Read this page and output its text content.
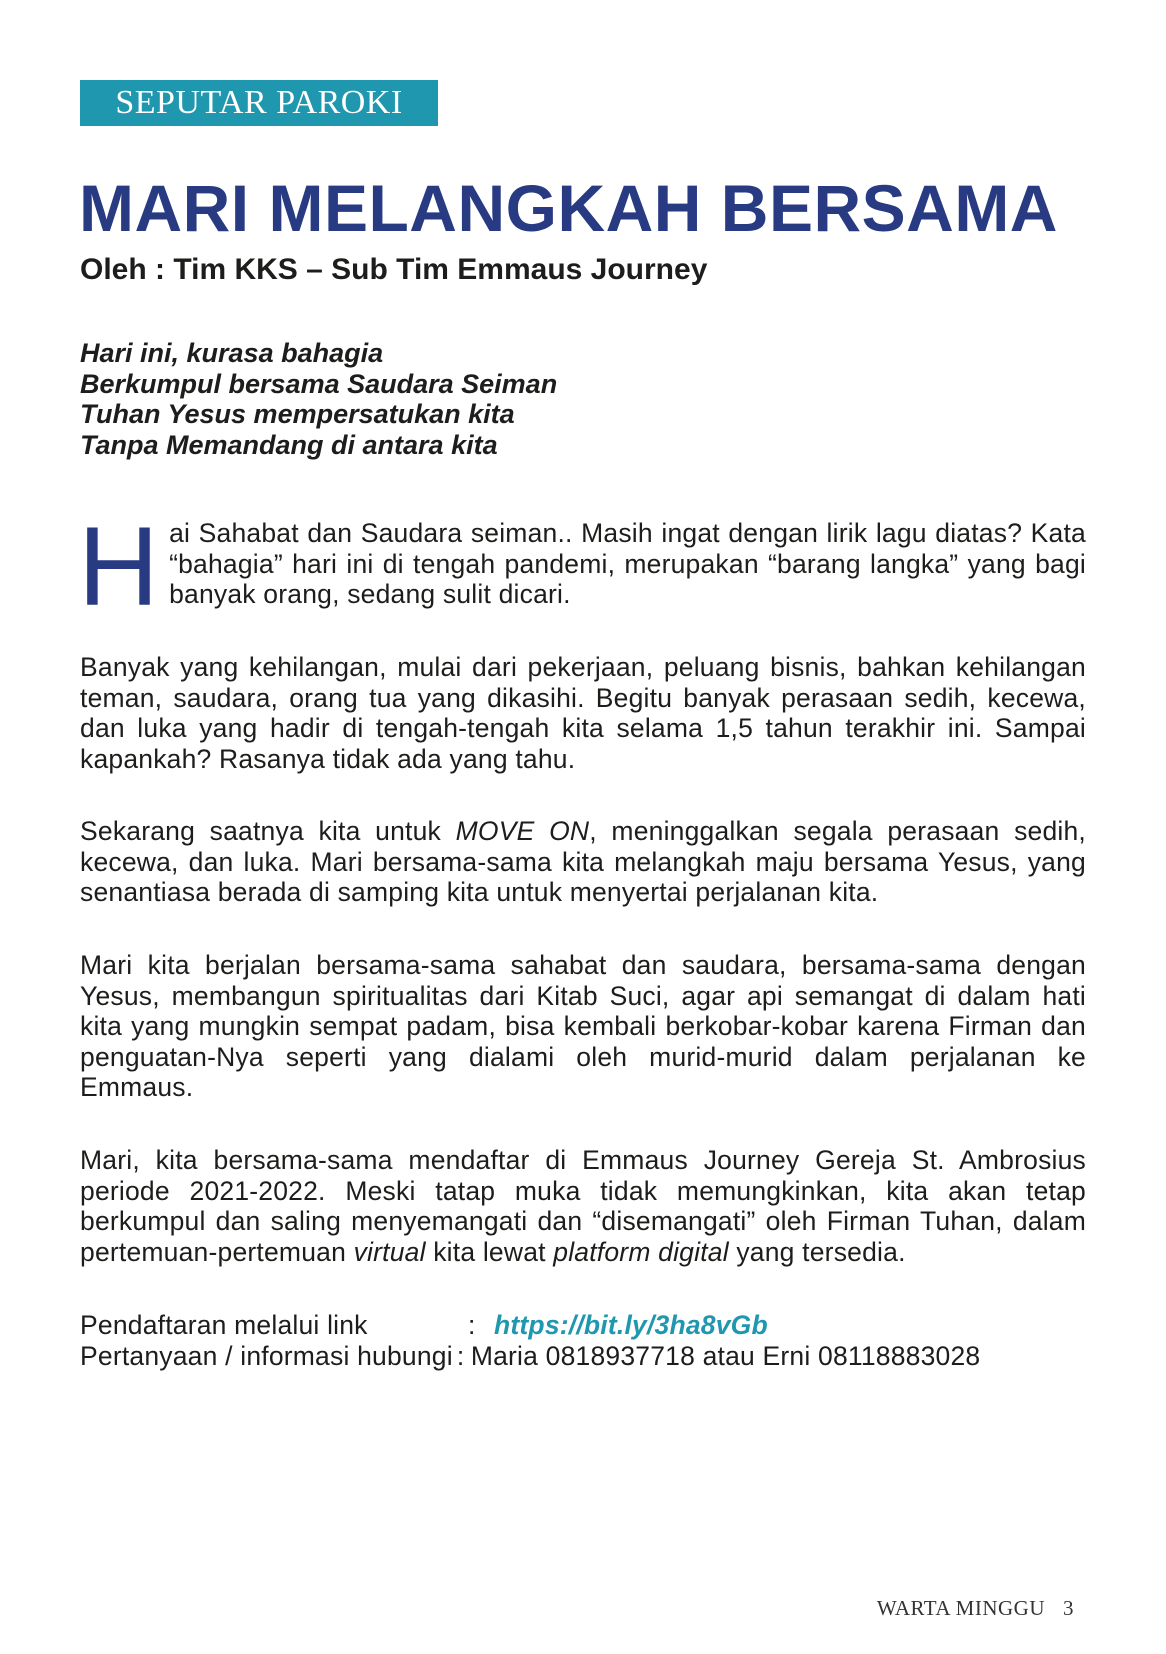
SEPUTAR PAROKI
MARI MELANGKAH BERSAMA
Oleh : Tim KKS – Sub Tim Emmaus Journey
Hari ini, kurasa bahagia
Berkumpul bersama Saudara Seiman
Tuhan Yesus mempersatukan kita
Tanpa Memandang di antara kita
H ai Sahabat dan Saudara seiman.. Masih ingat dengan lirik lagu diatas? Kata “bahagia” hari ini di tengah pandemi, merupakan “barang langka” yang bagi banyak orang, sedang sulit dicari.

Banyak yang kehilangan, mulai dari pekerjaan, peluang bisnis, bahkan kehilangan teman, saudara, orang tua yang dikasihi. Begitu banyak perasaan sedih, kecewa, dan luka yang hadir di tengah-tengah kita selama 1,5 tahun terakhir ini. Sampai kapankah? Rasanya tidak ada yang tahu.

Sekarang saatnya kita untuk MOVE ON, meninggalkan segala perasaan sedih, kecewa, dan luka. Mari bersama-sama kita melangkah maju bersama Yesus, yang senantiasa berada di samping kita untuk menyertai perjalanan kita.

Mari kita berjalan bersama-sama sahabat dan saudara, bersama-sama dengan Yesus, membangun spiritualitas dari Kitab Suci, agar api semangat di dalam hati kita yang mungkin sempat padam, bisa kembali berkobar-kobar karena Firman dan penguatan-Nya seperti yang dialami oleh murid-murid dalam perjalanan ke Emmaus.

Mari, kita bersama-sama mendaftar di Emmaus Journey Gereja St. Ambrosius periode 2021-2022. Meski tatap muka tidak memungkinkan, kita akan tetap berkumpul dan saling menyemangati dan “disemangati” oleh Firman Tuhan, dalam pertemuan-pertemuan virtual kita lewat platform digital yang tersedia.

Pendaftaran melalui link	: https://bit.ly/3ha8vGb
Pertanyaan / informasi hubungi : Maria 0818937718 atau Erni 08118883028
WARTA MINGGU 3
